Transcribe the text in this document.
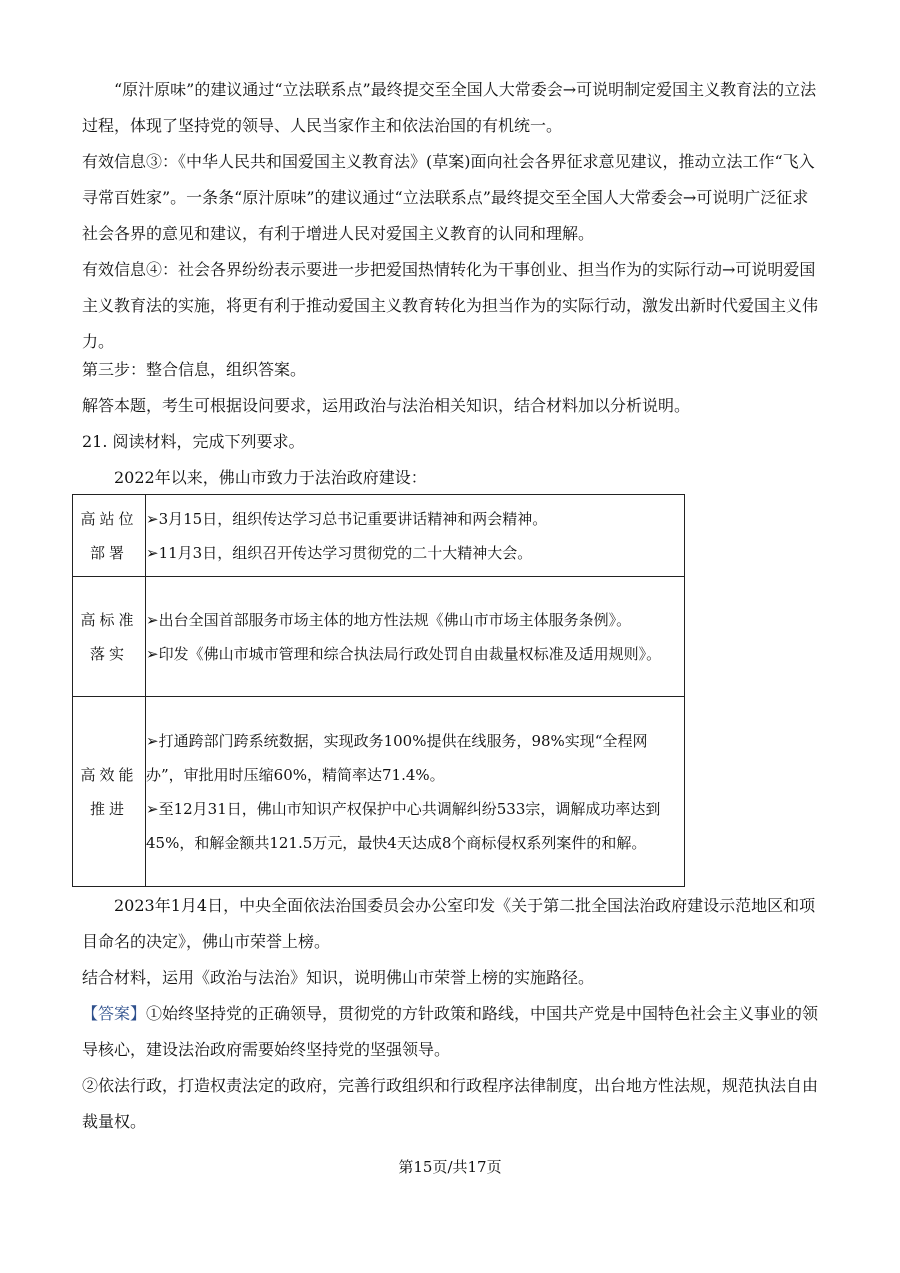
“原汁原味”的建议通过“立法联系点”最终提交至全国人大常委会→可说明制定爱国主义教育法的立法过程，体现了坚持党的领导、人民当家作主和依法治国的有机统一。

有效信息③：《中华人民共和国爱国主义教育法》(草案)面向社会各界征求意见建议，推动立法工作“飞入寻常百姓家”。一条条“原汁原味”的建议通过“立法联系点”最终提交至全国人大常委会→可说明广泛征求社会各界的意见和建议，有利于增进人民对爱国主义教育的认同和理解。

有效信息④：社会各界纷纷表示要进一步把爱国热情转化为干事创业、担当作为的实际行动→可说明爱国主义教育法的实施，将更有利于推动爱国主义教育转化为担当作为的实际行动，激发出新时代爱国主义伟力。

第三步：整合信息，组织答案。

解答本题，考生可根据设问要求，运用政治与法治相关知识，结合材料加以分析说明。

21. 阅读材料，完成下列要求。

2022年以来，佛山市致力于法治政府建设：

高站位部署	➢3月15日，组织传达学习总书记重要讲话精神和两会精神。
➢11月3日，组织召开传达学习贯彻党的二十大精神大会。

高标准落实	➢出台全国首部服务市场主体的地方性法规《佛山市市场主体服务条例》。
➢印发《佛山市城市管理和综合执法局行政处罚自由裁量权标准及适用规则》。

高效能推进	➢打通跨部门跨系统数据，实现政务100%提供在线服务，98%实现“全程网办”，审批用时压缩60%，精简率达71.4%。
➢至12月31日，佛山市知识产权保护中心共调解纠纷533宗，调解成功率达到45%，和解金额共121.5万元，最快4天达成8个商标侵权系列案件的和解。

2023年1月4日，中央全面依法治国委员会办公室印发《关于第二批全国法治政府建设示范地区和项目命名的决定》，佛山市荣誉上榜。

结合材料，运用《政治与法治》知识，说明佛山市荣誉上榜的实施路径。

【答案】①始终坚持党的正确领导，贯彻党的方针政策和路线，中国共产党是中国特色社会主义事业的领导核心，建设法治政府需要始终坚持党的坚强领导。

②依法行政，打造权责法定的政府，完善行政组织和行政程序法律制度，出台地方性法规，规范执法自由裁量权。

第15页/共17页
